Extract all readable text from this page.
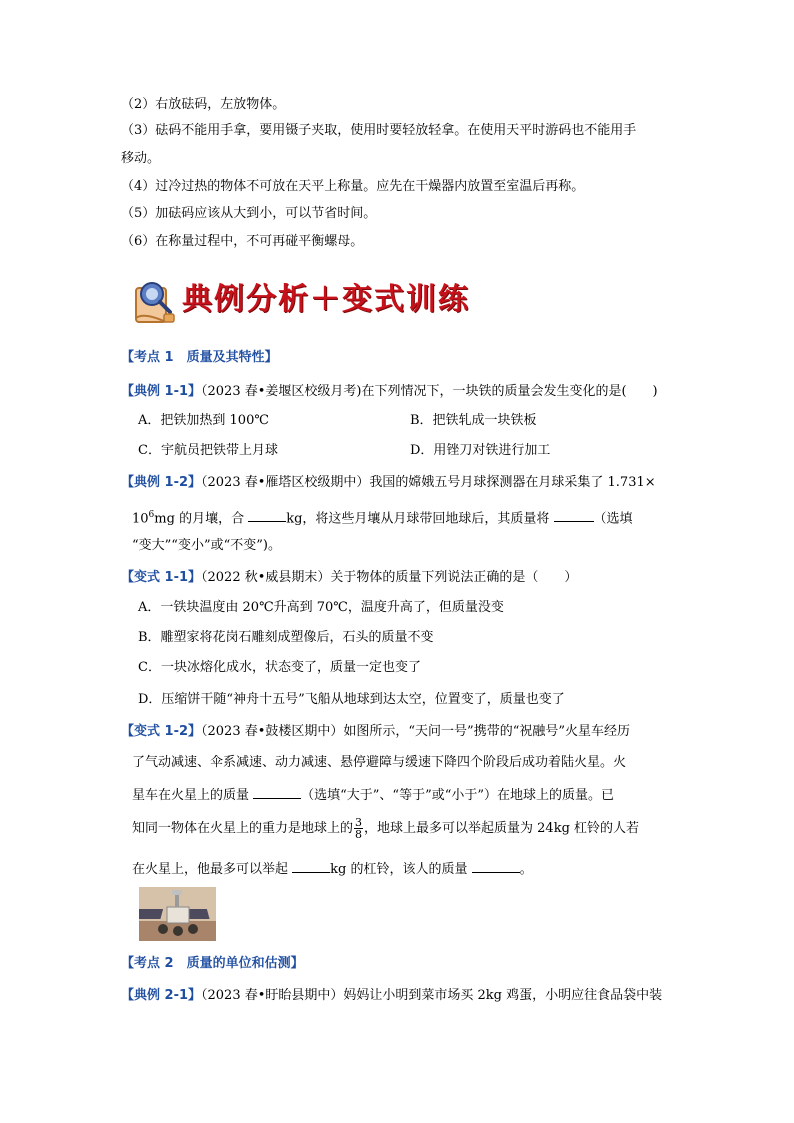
（2）右放砝码，左放物体。
（3）砝码不能用手拿，要用镊子夹取，使用时要轻放轻拿。在使用天平时游码也不能用手
移动。
（4）过冷过热的物体不可放在天平上称量。应先在干燥器内放置至室温后再称。
（5）加砝码应该从大到小，可以节省时间。
（6）在称量过程中，不可再碰平衡螺母。
典例分析＋变式训练
【考点 1　质量及其特性】
【典例 1-1】（2023 春•姜堰区校级月考)在下列情况下，一块铁的质量会发生变化的是(　　)
A．把铁加热到 100℃	B．把铁轧成一块铁板
C．宇航员把铁带上月球	D．用锉刀对铁进行加工
【典例 1-2】（2023 春•雁塔区校级期中）我国的嫦娥五号月球探测器在月球采集了 1.731×
$10^6mg$ 的月壤，合	kg，将这些月壤从月球带回地球后，其质量将	（选填
“变大”“变小”或“不变”)。
【变式 1-1】（2022 秋•威县期末）关于物体的质量下列说法正确的是（　　）
A．一铁块温度由 20℃升高到 70℃，温度升高了，但质量没变
B．雕塑家将花岗石雕刻成塑像后，石头的质量不变
C．一块冰熔化成水，状态变了，质量一定也变了
D．压缩饼干随“神舟十五号”飞船从地球到达太空，位置变了，质量也变了
【变式 1-2】（2023 春•鼓楼区期中）如图所示，“天问一号”携带的“祝融号”火星车经历
了气动减速、伞系减速、动力减速、悬停避障与缓速下降四个阶段后成功着陆火星。火
星车在火星上的质量	（选填“大于”、“等于”或“小于”）在地球上的质量。已
知同一物体在火星上的重力是地球上的 $\frac{3}{8}$ ，地球上最多可以举起质量为 24kg 杠铃的人若
在火星上，他最多可以举起	kg 的杠铃，该人的质量	。
【考点 2　质量的单位和估测】
【典例 2-1】（2023 春•盱眙县期中）妈妈让小明到菜市场买 2kg 鸡蛋，小明应往食品袋中装
